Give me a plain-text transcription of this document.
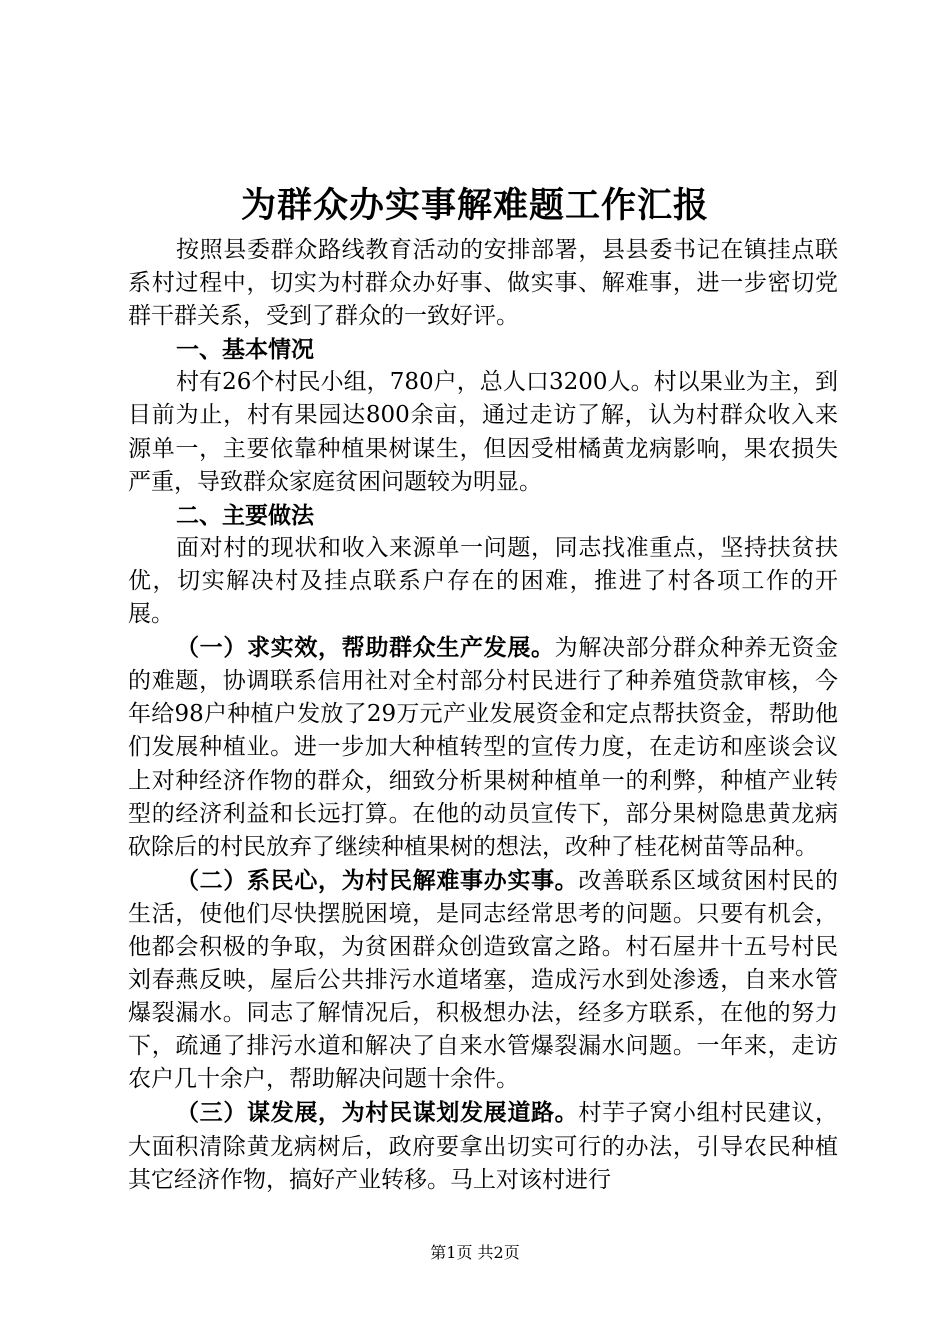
为群众办实事解难题工作汇报

按照县委群众路线教育活动的安排部署，县县委书记在镇挂点联系村过程中，切实为村群众办好事、做实事、解难事，进一步密切党群干群关系，受到了群众的一致好评。

一、基本情况

村有26个村民小组，780户，总人口3200人。村以果业为主，到目前为止，村有果园达800余亩，通过走访了解，认为村群众收入来源单一，主要依靠种植果树谋生，但因受柑橘黄龙病影响，果农损失严重，导致群众家庭贫困问题较为明显。

二、主要做法

面对村的现状和收入来源单一问题，同志找准重点，坚持扶贫扶优，切实解决村及挂点联系户存在的困难，推进了村各项工作的开展。

（一）求实效，帮助群众生产发展。为解决部分群众种养无资金的难题，协调联系信用社对全村部分村民进行了种养殖贷款审核，今年给98户种植户发放了29万元产业发展资金和定点帮扶资金，帮助他们发展种植业。进一步加大种植转型的宣传力度，在走访和座谈会议上对种经济作物的群众，细致分析果树种植单一的利弊，种植产业转型的经济利益和长远打算。在他的动员宣传下，部分果树隐患黄龙病砍除后的村民放弃了继续种植果树的想法，改种了桂花树苗等品种。

（二）系民心，为村民解难事办实事。改善联系区域贫困村民的生活，使他们尽快摆脱困境，是同志经常思考的问题。只要有机会，他都会积极的争取，为贫困群众创造致富之路。村石屋井十五号村民刘春燕反映，屋后公共排污水道堵塞，造成污水到处渗透，自来水管爆裂漏水。同志了解情况后，积极想办法，经多方联系，在他的努力下，疏通了排污水道和解决了自来水管爆裂漏水问题。一年来，走访农户几十余户，帮助解决问题十余件。

（三）谋发展，为村民谋划发展道路。村芋子窝小组村民建议，大面积清除黄龙病树后，政府要拿出切实可行的办法，引导农民种植其它经济作物，搞好产业转移。马上对该村进行

第1页 共2页
